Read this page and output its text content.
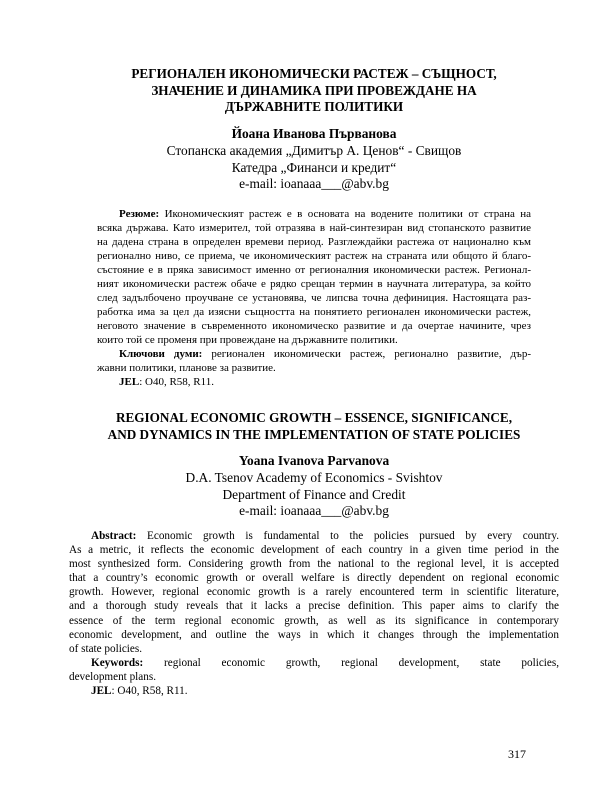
РЕГИОНАЛЕН ИКОНОМИЧЕСКИ РАСТЕЖ – СЪЩНОСТ,
ЗНАЧЕНИЕ И ДИНАМИКА ПРИ ПРОВЕЖДАНЕ НА
ДЪРЖАВНИТЕ ПОЛИТИКИ
Йоана Иванова Първанова
Стопанска академия „Димитър А. Ценов“ - Свищов
Катедра „Финанси и кредит“
e-mail: ioanaaa___@abv.bg
Резюме: Икономическият растеж е в основата на водените политики от страна на
всяка държава. Като измерител, той отразява в най-синтезиран вид стопанското развитие
на дадена страна в определен времеви период. Разглеждайки растежа от национално към
регионално ниво, се приема, че икономическият растеж на страната или общото й благо-
състояние е в пряка зависимост именно от регионалния икономически растеж. Регионал-
ният икономически растеж обаче е рядко срещан термин в научната литература, за който
след задълбочено проучване се установява, че липсва точна дефиниция. Настоящата раз-
работка има за цел да изясни същността на понятието регионален икономически растеж,
неговото значение в съвременното икономическо развитие и да очертае начините, чрез
които той се променя при провеждане на държавните политики.
Ключови думи: регионален икономически растеж, регионално развитие, дър-
жавни политики, планове за развитие.
JEL: O40, R58, R11.
REGIONAL ECONOMIC GROWTH – ESSENCE, SIGNIFICANCE,
AND DYNAMICS IN THE IMPLEMENTATION OF STATE POLICIES
Yoana Ivanova Parvanova
D.A. Tsenov Academy of Economics - Svishtov
Department of Finance and Credit
e-mail: ioanaaa___@abv.bg
Abstract: Economic growth is fundamental to the policies pursued by every country.
As a metric, it reflects the economic development of each country in a given time period in the
most synthesized form. Considering growth from the national to the regional level, it is accepted
that a country’s economic growth or overall welfare is directly dependent on regional economic
growth. However, regional economic growth is a rarely encountered term in scientific literature,
and a thorough study reveals that it lacks a precise definition. This paper aims to clarify the
essence of the term regional economic growth, as well as its significance in contemporary
economic development, and outline the ways in which it changes through the implementation
of state policies.
Keywords: regional economic growth, regional development, state policies,
development plans.
JEL: O40, R58, R11.
317
